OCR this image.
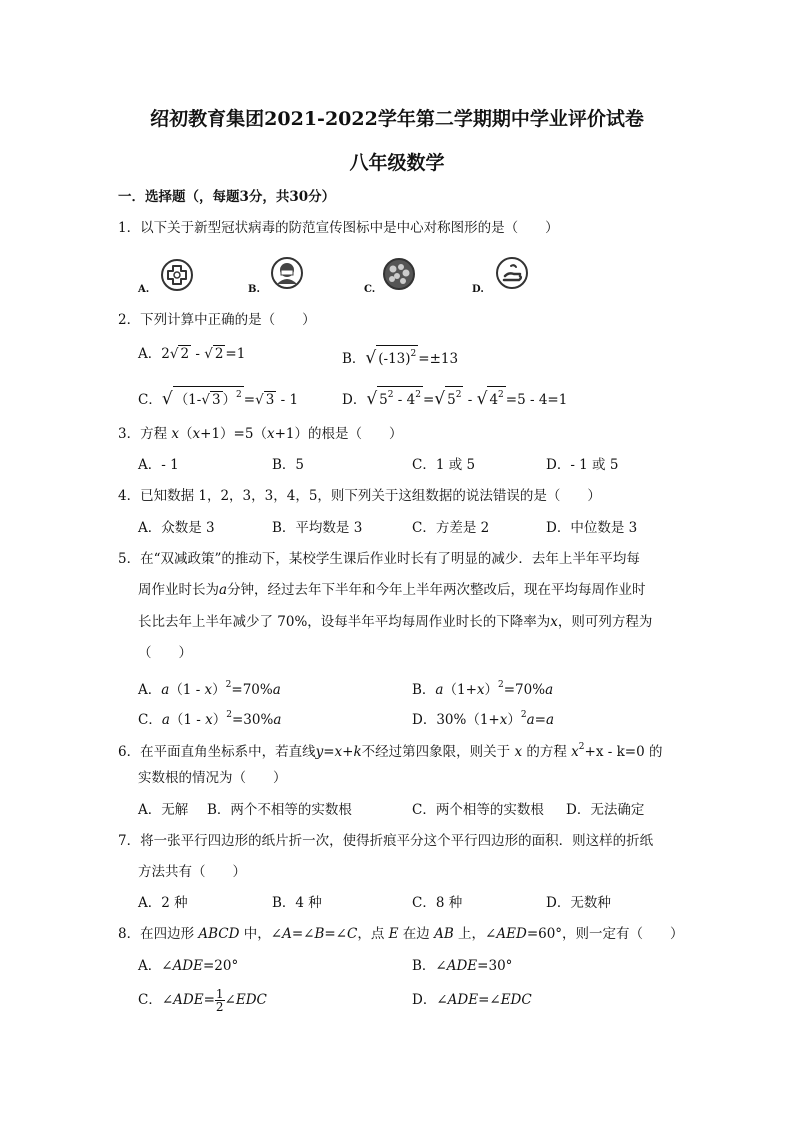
绍初教育集团2021-2022学年第二学期期中学业评价试卷
八年级数学
一．选择题（，每题3分，共30分）
1．以下关于新型冠状病毒的防范宣传图标中是中心对称图形的是（　　）
A.	B.	C.	D.
2．下列计算中正确的是（　　）
A．2√ 2 - √ 2 =1	B．√ $(-13)^2 =\pm 13$
C．√ （1-√ 3 ）$^2$ =√ 3 - 1	D．√ $5^2 - 4^2$ =√ $5^2$ - √ $4^2 =5 - 4=1$
3．方程 x（x+1）=5（x+1）的根是（　　）
A．- 1	B．5	C．1 或 5	D．- 1 或 5
4．已知数据 1，2，3，3，4，5，则下列关于这组数据的说法错误的是（　　）
A．众数是 3	B．平均数是 3	C．方差是 2	D．中位数是 3
5．在“双减政策”的推动下，某校学生课后作业时长有了明显的减少．去年上半年平均每
周作业时长为a分钟，经过去年下半年和今年上半年两次整改后，现在平均每周作业时
长比去年上半年减少了 70%，设每半年平均每周作业时长的下降率为x，则可列方程为
（　　）
A．a（1 - x）$^2$=70%a	B．$a(1+x)^2=70\%a$
C．a（1 - x）$^2$=30%a	D．$30\%(1+x)^2a=a$
6．在平面直角坐标系中，若直线y=x+k不经过第四象限，则关于 x 的方程 $x^2+x - k=0$ 的
实数根的情况为（　　）
A．无解 B．两个不相等的实数根	C．两个相等的实数根 D．无法确定
7．将一张平行四边形的纸片折一次，使得折痕平分这个平行四边形的面积．则这样的折纸
方法共有（　　）
A．2 种	B．4 种	C．8 种	D．无数种
8．在四边形 ABCD 中，∠A=∠B=∠C，点 E 在边 AB 上，∠AED=60°，则一定有（　　）
A．∠ADE=20°	B．∠ADE=30°
C．∠ADE= $\frac{1}{2}$ ∠EDC	D．∠ADE=∠EDC
